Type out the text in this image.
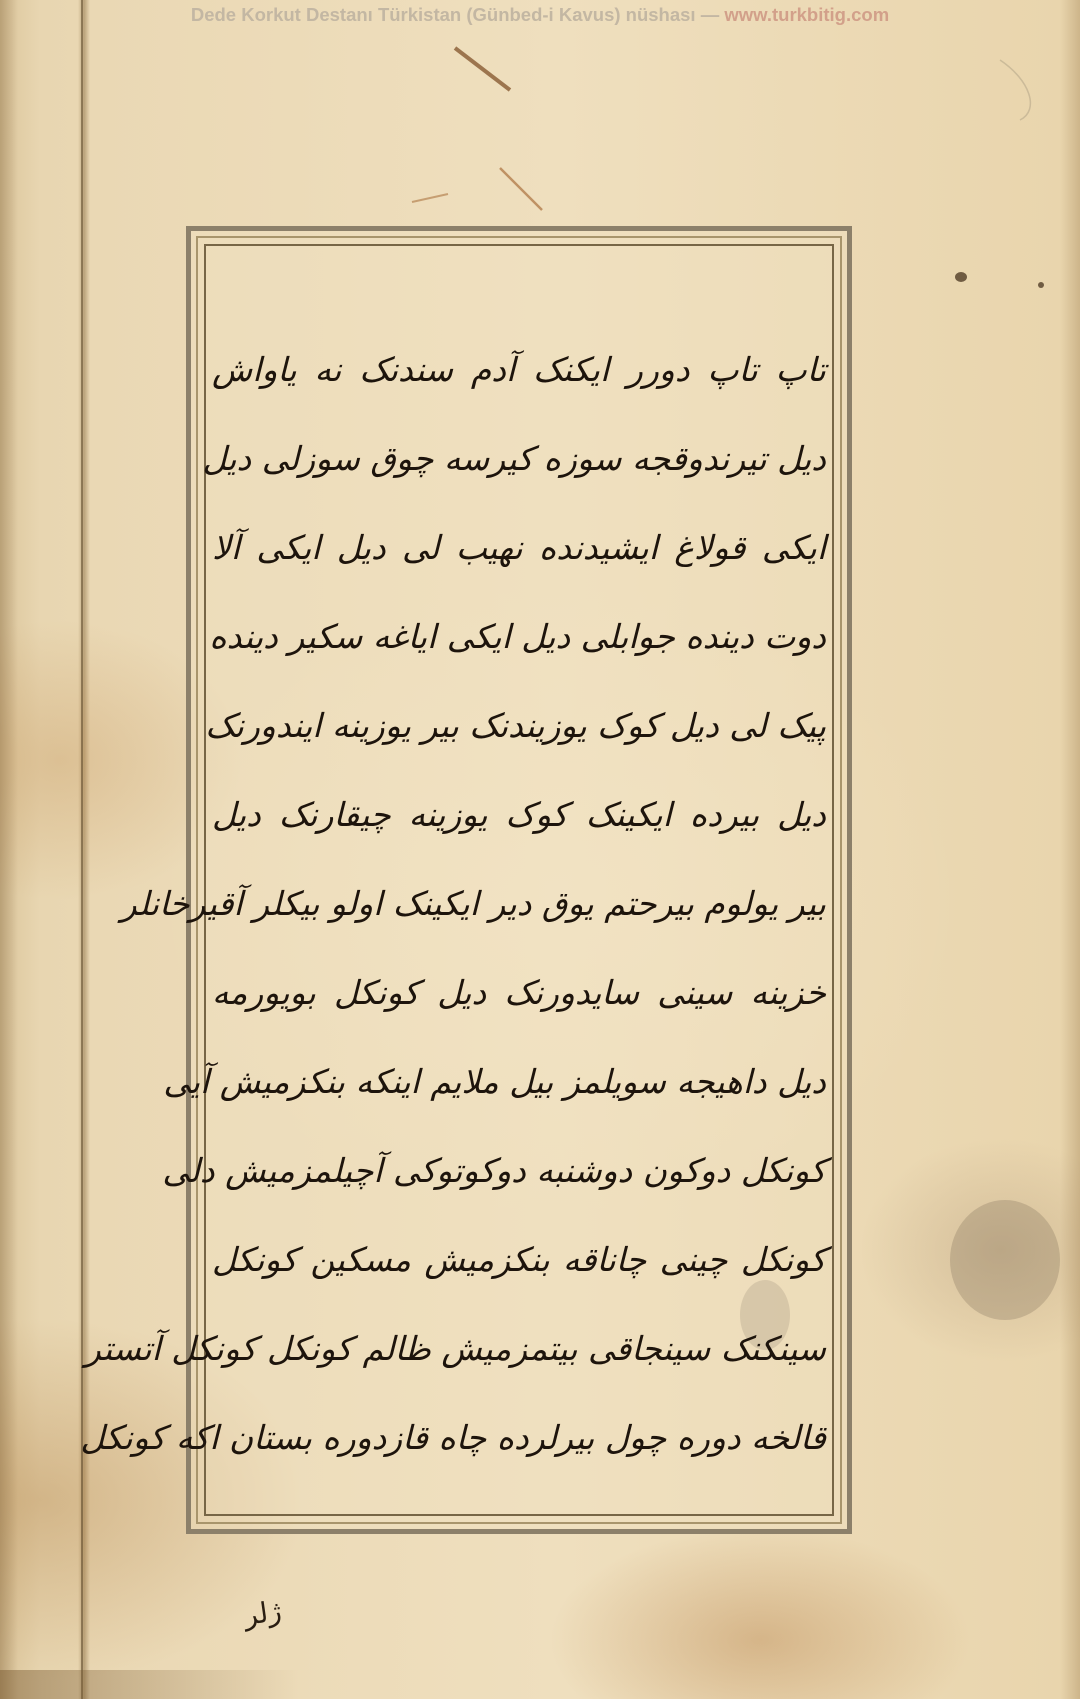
Dede Korkut Destanı Türkistan (Günbed-i Kavus) nüshası — www.turkbitig.com
تاپ تاپ دورر ایکنک آدم سندنک نه یاواش
دیل تیرندوقجه سوزه کیرسه چوق سوزلی دیل
ایکی قولاغ ایشیدنده نهیب لی دیل ایکی آلا
دوت دینده جوابلی دیل ایکی ایاغه سکیر دینده
پیک لی دیل کوک یوزیندنک بیر یوزینه ایندورنک
دیل بیرده ایکینک کوک یوزینه چیقارنک دیل
بیر یولوم بیرحتم یوق دیر ایکینک اولو بیکلر آقیرخانلر
خزینه سینی سایدورنک دیل کونکل بویورمه
دیل داهیجه سویلمز بیل ملایم اینکه بنکزمیش آیی
کونکل دوکون دوشنبه دوکوتوکی آچیلمزمیش دلی
کونکل چینی چاناقه بنکزمیش مسکین کونکل
سینکنک سینجاقی بیتمزمیش ظالم کونکل کونکل آتستر
قالخه دوره چول بیرلرده چاه قازدوره بستان اکه کونکل
ژلر
